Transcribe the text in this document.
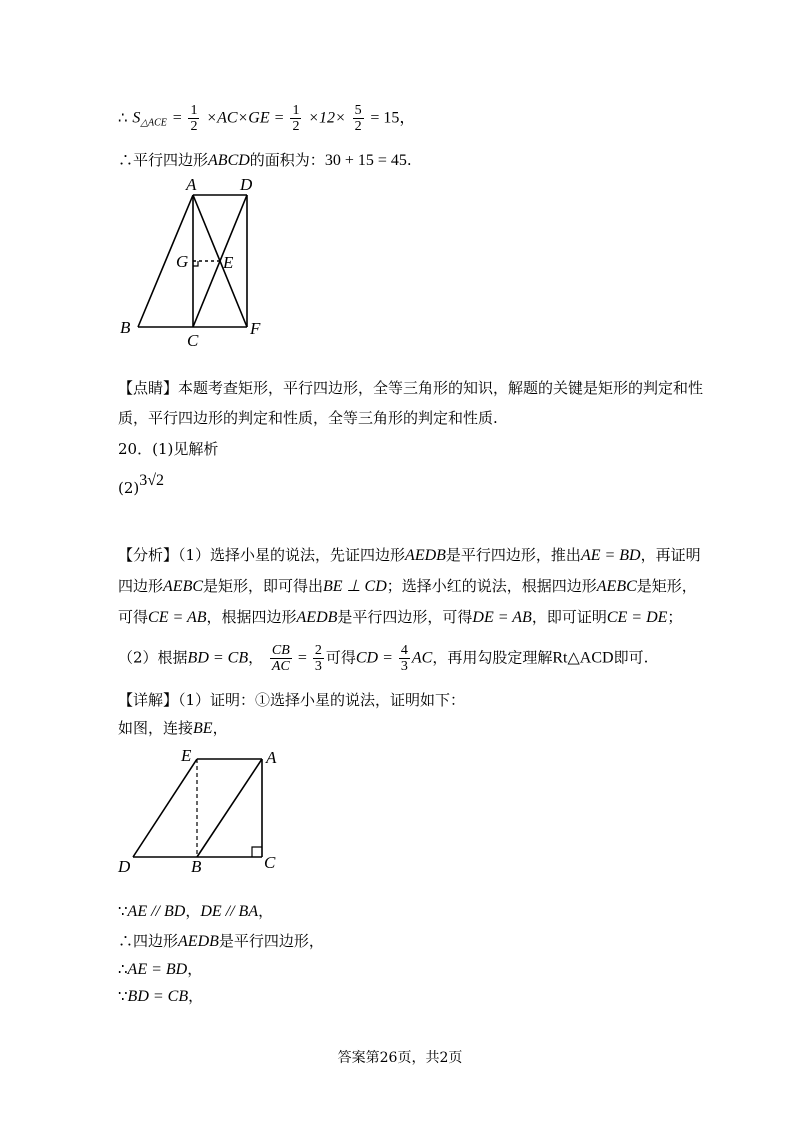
∴ $S_{\triangle ACE} = \frac{1}{2} \times AC\times GE = \frac{1}{2} \times 12\times \frac{5}{2} = 15$，
∴平行四边形ABCD的面积为：30 + 15 = 45.
A	D
G E
B
C
F
【点睛】本题考查矩形，平行四边形，全等三角形的知识，解题的关键是矩形的判定和性
质，平行四边形的判定和性质，全等三角形的判定和性质.
20．(1)见解析
(2)3√2
【分析】（1）选择小星的说法，先证四边形AEDB是平行四边形，推出AE = BD，再证明
四边形AEBC是矩形，即可得出BE ⊥ CD；选择小红的说法，根据四边形AEBC是矩形，
可得CE = AB，根据四边形AEDB是平行四边形，可得DE = AB，即可证明CE = DE；
（2）根据BD = CB， $\frac{CB}{AC} = \frac{2}{3}$ 可得CD = $\frac{4}{3}$ AC，再用勾股定理解Rt△ACD即可.
【详解】（1）证明：①选择小星的说法，证明如下：
如图，连接BE，
E	A
D	B	C
∵AE // BD，DE // BA，
∴四边形AEDB是平行四边形，
∴AE = BD，
∵BD = CB，
答案第26页，共2页
